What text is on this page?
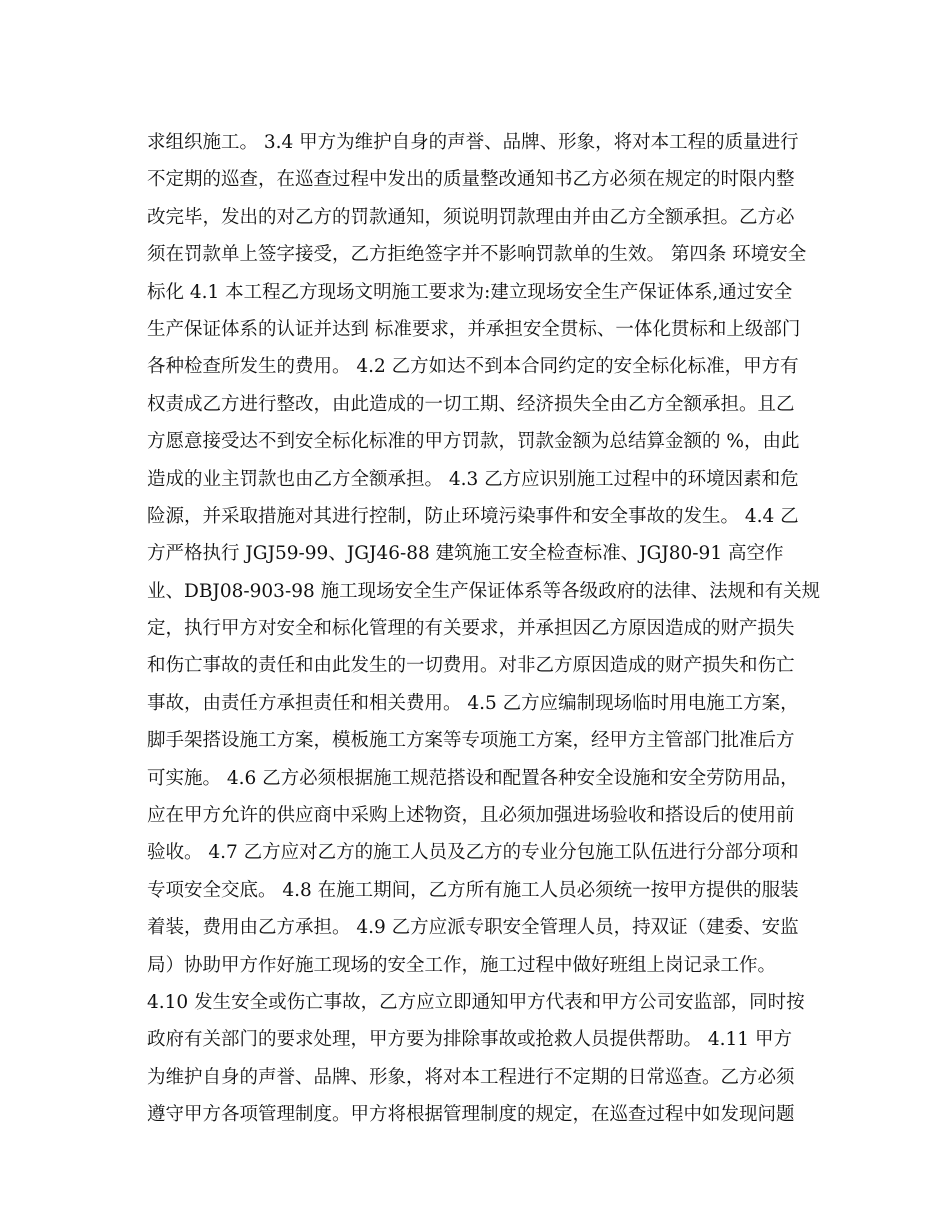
求组织施工。 3.4 甲方为维护自身的声誉、品牌、形象，将对本工程的质量进行
不定期的巡查，在巡查过程中发出的质量整改通知书乙方必须在规定的时限内整
改完毕，发出的对乙方的罚款通知，须说明罚款理由并由乙方全额承担。乙方必
须在罚款单上签字接受，乙方拒绝签字并不影响罚款单的生效。 第四条 环境安全
标化 4.1 本工程乙方现场文明施工要求为:建立现场安全生产保证体系,通过安全
生产保证体系的认证并达到 标准要求，并承担安全贯标、一体化贯标和上级部门
各种检查所发生的费用。 4.2 乙方如达不到本合同约定的安全标化标准，甲方有
权责成乙方进行整改，由此造成的一切工期、经济损失全由乙方全额承担。且乙
方愿意接受达不到安全标化标准的甲方罚款，罚款金额为总结算金额的 %，由此
造成的业主罚款也由乙方全额承担。 4.3 乙方应识别施工过程中的环境因素和危
险源，并采取措施对其进行控制，防止环境污染事件和安全事故的发生。 4.4 乙
方严格执行 JGJ59-99、JGJ46-88 建筑施工安全检查标准、JGJ80-91 高空作
业、DBJ08-903-98 施工现场安全生产保证体系等各级政府的法律、法规和有关规
定，执行甲方对安全和标化管理的有关要求，并承担因乙方原因造成的财产损失
和伤亡事故的责任和由此发生的一切费用。对非乙方原因造成的财产损失和伤亡
事故，由责任方承担责任和相关费用。 4.5 乙方应编制现场临时用电施工方案，
脚手架搭设施工方案，模板施工方案等专项施工方案，经甲方主管部门批准后方
可实施。 4.6 乙方必须根据施工规范搭设和配置各种安全设施和安全劳防用品，
应在甲方允许的供应商中采购上述物资，且必须加强进场验收和搭设后的使用前
验收。 4.7 乙方应对乙方的施工人员及乙方的专业分包施工队伍进行分部分项和
专项安全交底。 4.8 在施工期间，乙方所有施工人员必须统一按甲方提供的服装
着装，费用由乙方承担。 4.9 乙方应派专职安全管理人员，持双证（建委、安监
局）协助甲方作好施工现场的安全工作，施工过程中做好班组上岗记录工作。
4.10 发生安全或伤亡事故，乙方应立即通知甲方代表和甲方公司安监部，同时按
政府有关部门的要求处理，甲方要为排除事故或抢救人员提供帮助。 4.11 甲方
为维护自身的声誉、品牌、形象，将对本工程进行不定期的日常巡查。乙方必须
遵守甲方各项管理制度。甲方将根据管理制度的规定，在巡查过程中如发现问题
